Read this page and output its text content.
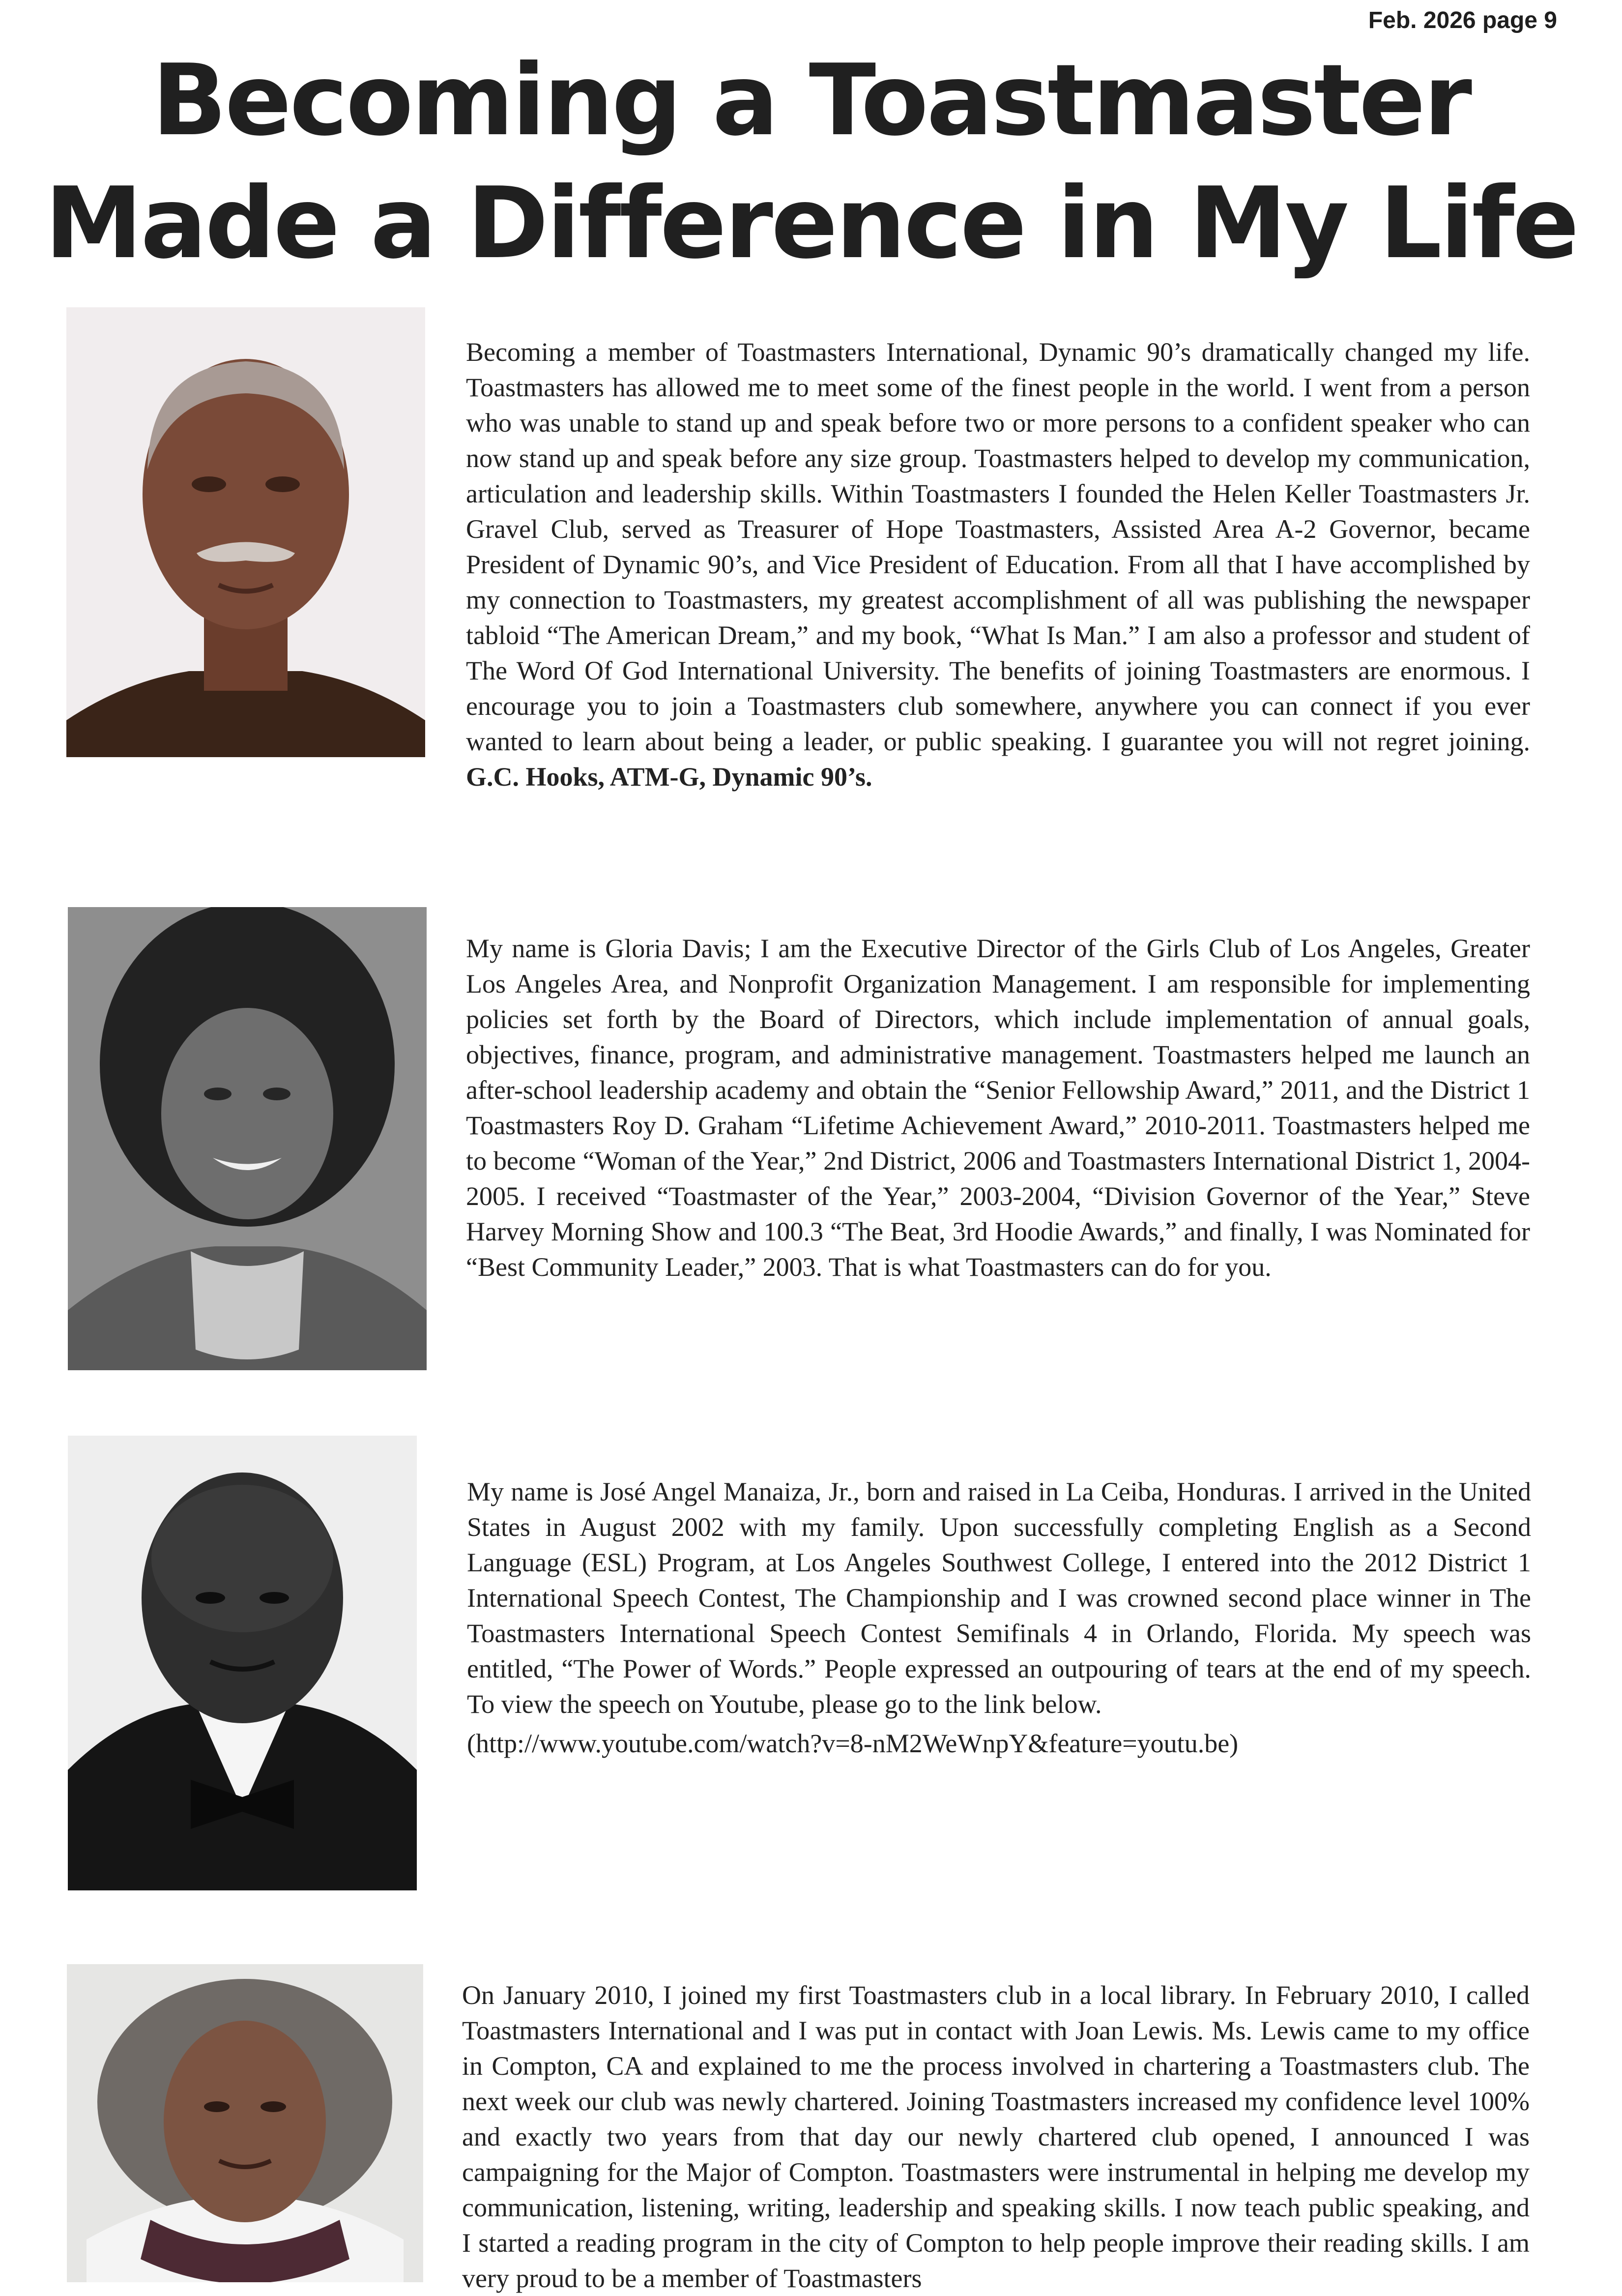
Feb. 2026 page 9
Becoming a Toastmaster
Made a Difference in My Life

Becoming a member of Toastmasters International, Dynamic 90’s dramatically changed my life. Toastmasters has allowed me to meet some of the finest people in the world. I went from a person who was unable to stand up and speak before two or more persons to a confident speaker who can now stand up and speak before any size group. Toastmasters helped to develop my communication, articulation and leadership skills. Within Toastmasters I founded the Helen Keller Toastmasters Jr. Gravel Club, served as Treasurer of Hope Toastmasters, Assisted Area A-2 Governor, became President of Dynamic 90’s, and Vice President of Education. From all that I have accomplished by my connection to Toastmasters, my greatest accomplishment of all was publishing the newspaper tabloid “The American Dream,” and my book, “What Is Man.” I am also a professor and student of The Word Of God International University. The benefits of joining Toastmasters are enormous. I encourage you to join a Toastmasters club somewhere, anywhere you can connect if you ever wanted to learn about being a leader, or public speaking. I guarantee you will not regret joining. G.C. Hooks, ATM-G, Dynamic 90’s.

My name is Gloria Davis; I am the Executive Director of the Girls Club of Los Angeles, Greater Los Angeles Area, and Nonprofit Organization Management. I am responsible for implementing policies set forth by the Board of Directors, which include implementation of annual goals, objectives, finance, program, and administrative management. Toastmasters helped me launch an after-school leadership academy and obtain the “Senior Fellowship Award,” 2011, and the District 1 Toastmasters Roy D. Graham “Lifetime Achievement Award,” 2010-2011. Toastmasters helped me to become “Woman of the Year,” 2nd District, 2006 and Toastmasters International District 1, 2004-2005. I received “Toastmaster of the Year,” 2003-2004, “Division Governor of the Year,” Steve Harvey Morning Show and 100.3 “The Beat, 3rd Hoodie Awards,” and finally, I was Nominated for “Best Community Leader,” 2003. That is what Toastmasters can do for you.

My name is José Angel Manaiza, Jr., born and raised in La Ceiba, Honduras. I arrived in the United States in August 2002 with my family. Upon successfully completing English as a Second Language (ESL) Program, at Los Angeles Southwest College, I entered into the 2012 District 1 International Speech Contest, The Championship and I was crowned second place winner in The Toastmasters International Speech Contest Semifinals 4 in Orlando, Florida. My speech was entitled, “The Power of Words.” People expressed an outpouring of tears at the end of my speech. To view the speech on Youtube, please go to the link below.

(http://www.youtube.com/watch?v=8-nM2WeWnpY&feature=youtu.be)

On January 2010, I joined my first Toastmasters club in a local library. In February 2010, I called Toastmasters International and I was put in contact with Joan Lewis. Ms. Lewis came to my office in Compton, CA and explained to me the process involved in chartering a Toastmasters club. The next week our club was newly chartered. Joining Toastmasters increased my confidence level 100% and exactly two years from that day our newly chartered club opened, I announced I was campaigning for the Major of Compton. Toastmasters were instrumental in helping me develop my communication, listening, writing, leadership and speaking skills. I now teach public speaking, and I started a reading program in the city of Compton to help people improve their reading skills. I am very proud to be a member of Toastmasters
